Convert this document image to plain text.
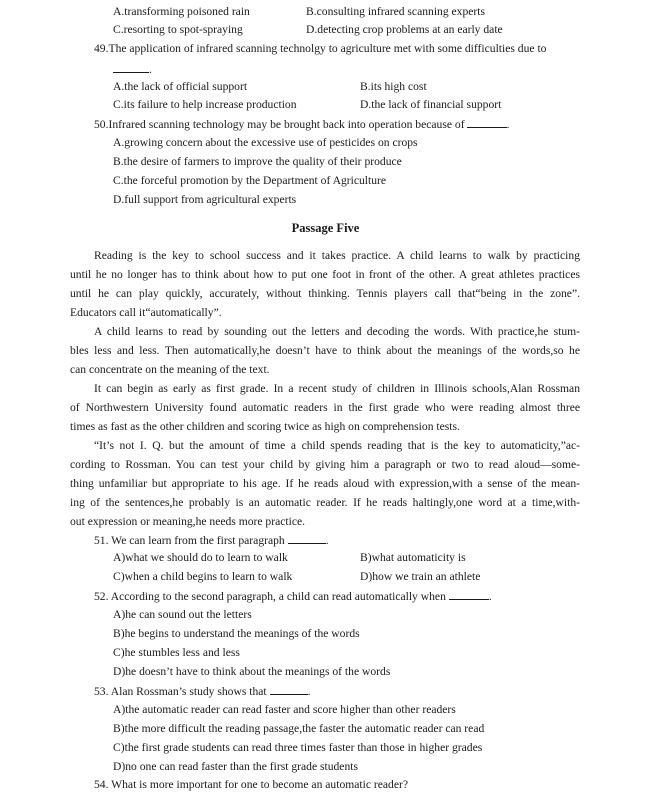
A.transforming poisoned rain	B.consulting infrared scanning experts
C.resorting to spot-spraying	D.detecting crop problems at an early date
49.The application of infrared scanning technolgy to agriculture met with some difficulties due to
.
A.the lack of official support	B.its high cost
C.its failure to help increase production	D.the lack of financial support
50.Infrared scanning technology may be brought back into operation because of	.
A.growing concern about the excessive use of pesticides on crops
B.the desire of farmers to improve the quality of their produce
C.the forceful promotion by the Department of Agriculture
D.full support from agricultural experts
Passage Five
Reading is the key to school success and it takes practice. A child learns to walk by practicing
until he no longer has to think about how to put one foot in front of the other. A great athletes practices
until he can play quickly, accurately, without thinking. Tennis players call that“being in the zone”.
Educators call it“automatically”.
A child learns to read by sounding out the letters and decoding the words. With practice,he stum-
bles less and less. Then automatically,he doesn’t have to think about the meanings of the words,so he
can concentrate on the meaning of the text.
It can begin as early as first grade. In a recent study of children in Illinois schools,Alan Rossman
of Northwestern University found automatic readers in the first grade who were reading almost three
times as fast as the other children and scoring twice as high on comprehension tests.
“It’s not I. Q. but the amount of time a child spends reading that is the key to automaticity,”ac-
cording to Rossman. You can test your child by giving him a paragraph or two to read aloud—some-
thing unfamiliar but appropriate to his age. If he reads aloud with expression,with a sense of the mean-
ing of the sentences,he probably is an automatic reader. If he reads haltingly,one word at a time,with-
out expression or meaning,he needs more practice.
51. We can learn from the first paragraph	.
A)what we should do to learn to walk	B)what automaticity is
C)when a child begins to learn to walk	D)how we train an athlete
52. According to the second paragraph, a child can read automatically when	.
A)he can sound out the letters
B)he begins to understand the meanings of the words
C)he stumbles less and less
D)he doesn’t have to think about the meanings of the words
53. Alan Rossman’s study shows that	.
A)the automatic reader can read faster and score higher than other readers
B)the more difficult the reading passage,the faster the automatic reader can read
C)the first grade students can read three times faster than those in higher grades
D)no one can read faster than the first grade students
54. What is more important for one to become an automatic reader?
